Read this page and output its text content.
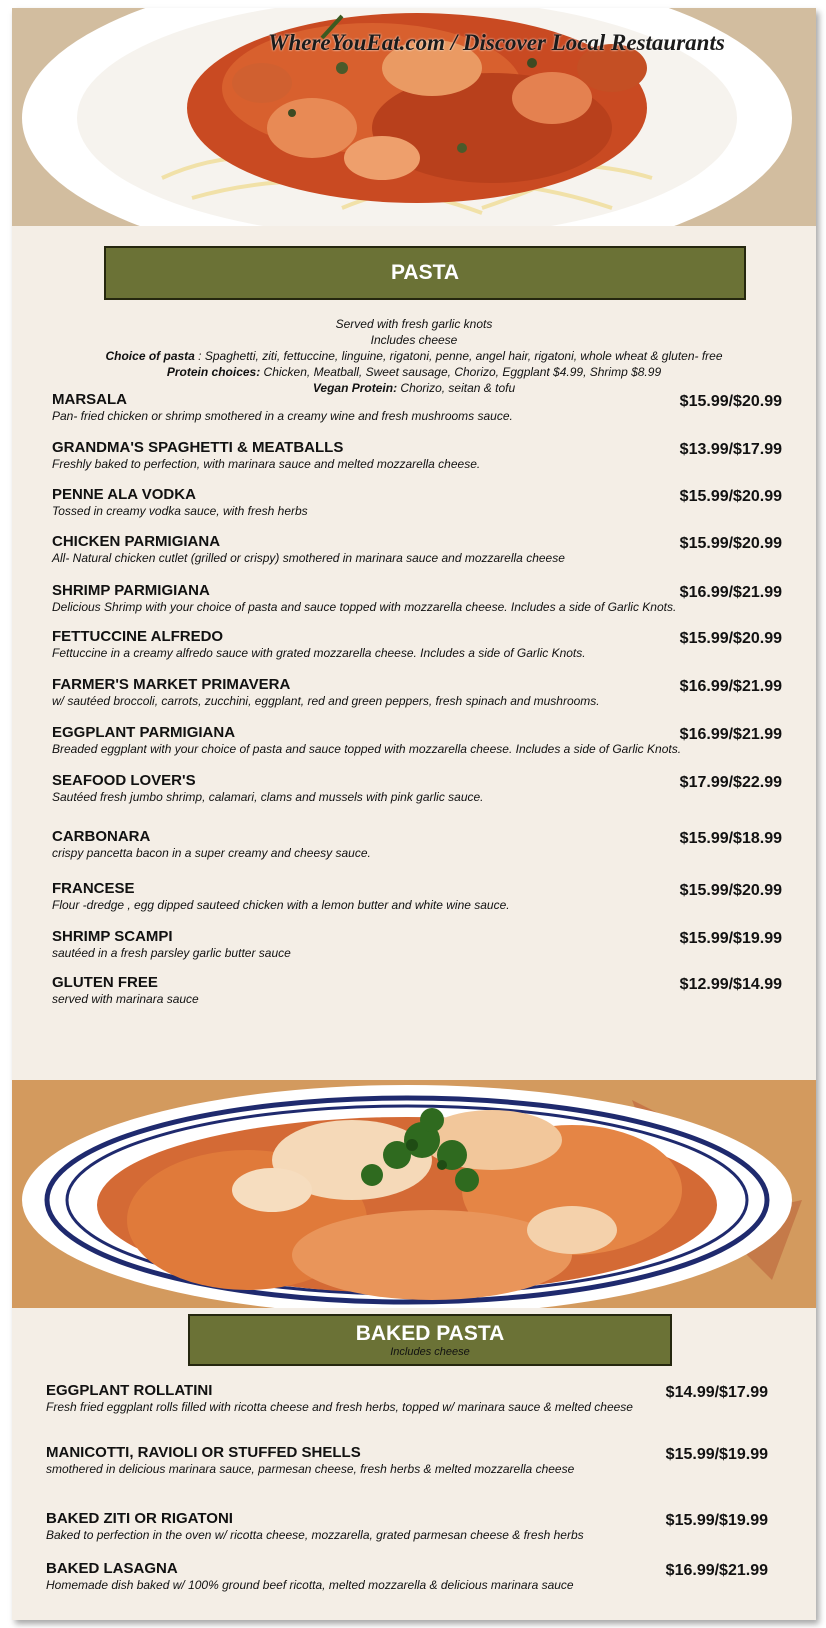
WhereYouEat.com / Discover Local Restaurants
PASTA
Served with fresh garlic knots
Includes cheese
Choice of pasta : Spaghetti, ziti, fettuccine, linguine, rigatoni, penne, angel hair, rigatoni, whole wheat & gluten- free
Protein choices: Chicken, Meatball, Sweet sausage, Chorizo, Eggplant $4.99, Shrimp $8.99
Vegan Protein: Chorizo, seitan & tofu
MARSALA
Pan- fried chicken or shrimp smothered in a creamy wine and fresh mushrooms sauce.
$15.99/$20.99
GRANDMA'S SPAGHETTI & MEATBALLS
Freshly baked to perfection, with marinara sauce and melted mozzarella cheese.
$13.99/$17.99
PENNE ALA VODKA
Tossed in creamy vodka sauce, with fresh herbs
$15.99/$20.99
CHICKEN PARMIGIANA
All- Natural chicken cutlet (grilled or crispy) smothered in marinara sauce and mozzarella cheese
$15.99/$20.99
SHRIMP PARMIGIANA
Delicious Shrimp with your choice of pasta and sauce topped with mozzarella cheese. Includes a side of Garlic Knots.
$16.99/$21.99
FETTUCCINE ALFREDO
Fettuccine in a creamy alfredo sauce with grated mozzarella cheese. Includes a side of Garlic Knots.
$15.99/$20.99
FARMER'S MARKET PRIMAVERA
w/ sautéed broccoli, carrots, zucchini, eggplant, red and green peppers, fresh spinach and mushrooms.
$16.99/$21.99
EGGPLANT PARMIGIANA
Breaded eggplant with your choice of pasta and sauce topped with mozzarella cheese. Includes a side of Garlic Knots.
$16.99/$21.99
SEAFOOD LOVER'S
Sautéed fresh jumbo shrimp, calamari, clams and mussels with pink garlic sauce.
$17.99/$22.99
CARBONARA
crispy pancetta bacon in a super creamy and cheesy sauce.
$15.99/$18.99
FRANCESE
Flour -dredge , egg dipped sauteed chicken with a lemon butter and white wine sauce.
$15.99/$20.99
SHRIMP SCAMPI
sautéed in a fresh parsley garlic butter sauce
$15.99/$19.99
GLUTEN FREE
served with marinara sauce
$12.99/$14.99
BAKED PASTA
Includes cheese
EGGPLANT ROLLATINI
Fresh fried eggplant rolls filled with ricotta cheese and fresh herbs, topped w/ marinara sauce & melted cheese
$14.99/$17.99
MANICOTTI, RAVIOLI OR STUFFED SHELLS
smothered in delicious marinara sauce, parmesan cheese, fresh herbs & melted mozzarella cheese
$15.99/$19.99
BAKED ZITI OR RIGATONI
Baked to perfection in the oven w/ ricotta cheese, mozzarella, grated parmesan cheese & fresh herbs
$15.99/$19.99
BAKED LASAGNA
Homemade dish baked w/ 100% ground beef ricotta, melted mozzarella & delicious marinara sauce
$16.99/$21.99
